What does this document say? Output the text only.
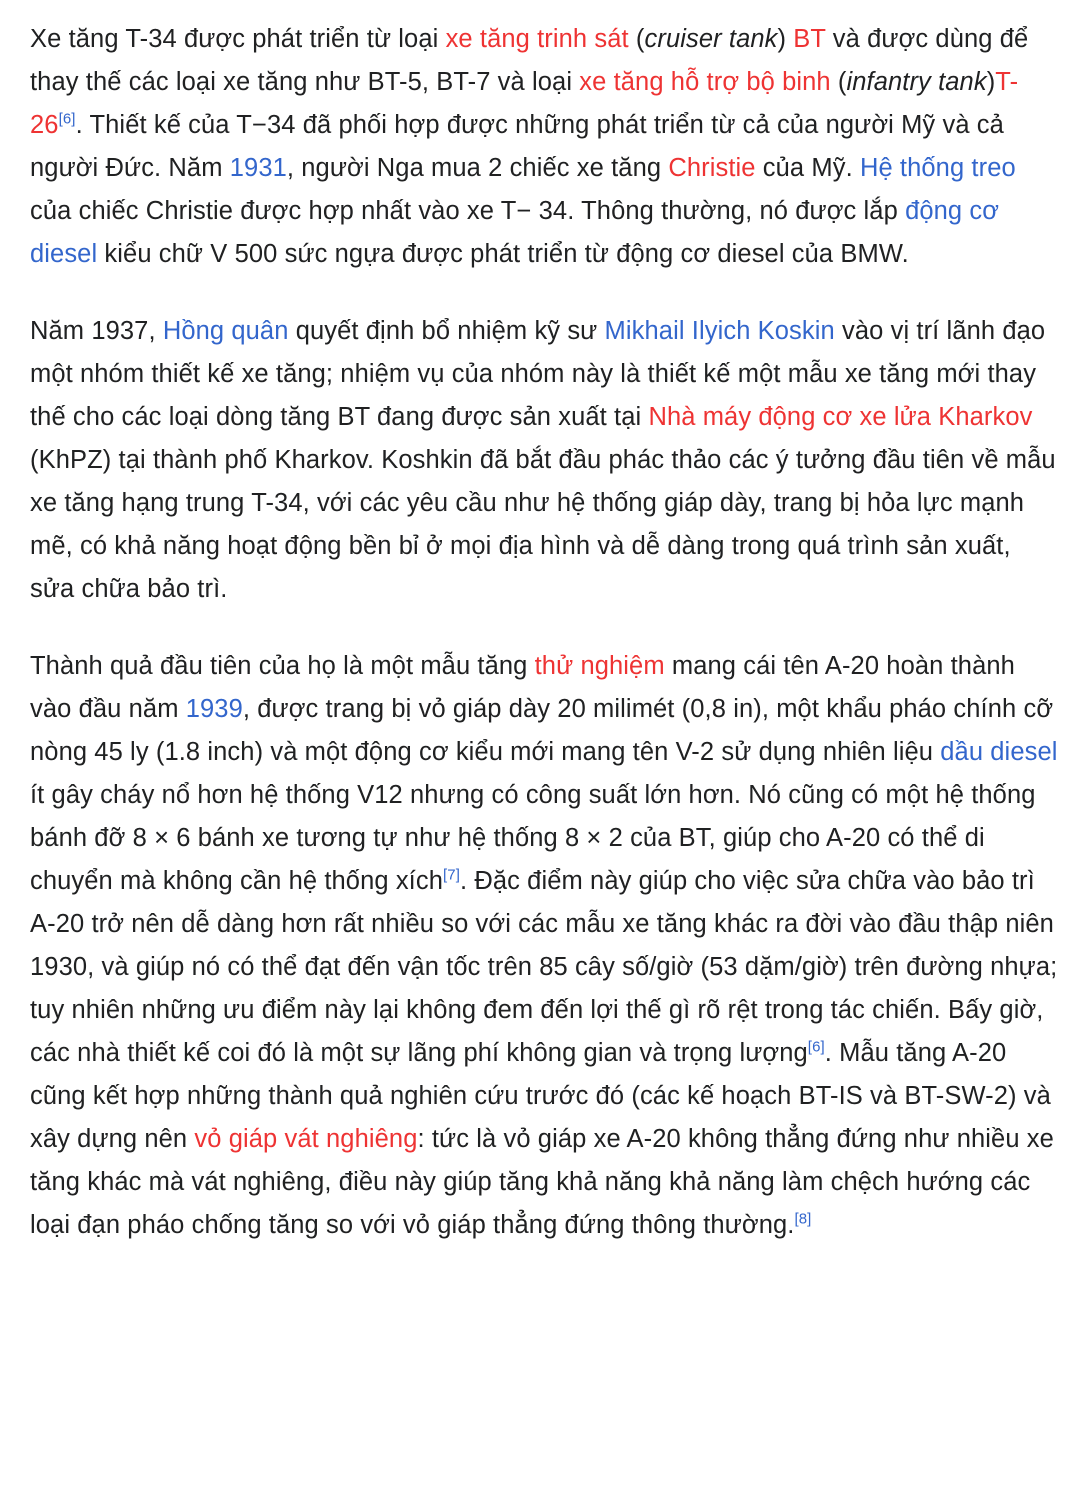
Xe tăng T-34 được phát triển từ loại xe tăng trinh sát (cruiser tank) BT và được dùng để thay thế các loại xe tăng như BT-5, BT-7 và loại xe tăng hỗ trợ bộ binh (infantry tank)T-26[6]. Thiết kế của T−34 đã phối hợp được những phát triển từ cả của người Mỹ và cả người Đức. Năm 1931, người Nga mua 2 chiếc xe tăng Christie của Mỹ. Hệ thống treo của chiếc Christie được hợp nhất vào xe T− 34. Thông thường, nó được lắp động cơ diesel kiểu chữ V 500 sức ngựa được phát triển từ động cơ diesel của BMW.

Năm 1937, Hồng quân quyết định bổ nhiệm kỹ sư Mikhail Ilyich Koskin vào vị trí lãnh đạo một nhóm thiết kế xe tăng; nhiệm vụ của nhóm này là thiết kế một mẫu xe tăng mới thay thế cho các loại dòng tăng BT đang được sản xuất tại Nhà máy động cơ xe lửa Kharkov (KhPZ) tại thành phố Kharkov. Koshkin đã bắt đầu phác thảo các ý tưởng đầu tiên về mẫu xe tăng hạng trung T-34, với các yêu cầu như hệ thống giáp dày, trang bị hỏa lực mạnh mẽ, có khả năng hoạt động bền bỉ ở mọi địa hình và dễ dàng trong quá trình sản xuất, sửa chữa bảo trì.

Thành quả đầu tiên của họ là một mẫu tăng thử nghiệm mang cái tên A-20 hoàn thành vào đầu năm 1939, được trang bị vỏ giáp dày 20 milimét (0,8 in), một khẩu pháo chính cỡ nòng 45 ly (1.8 inch) và một động cơ kiểu mới mang tên V-2 sử dụng nhiên liệu dầu diesel ít gây cháy nổ hơn hệ thống V12 nhưng có công suất lớn hơn. Nó cũng có một hệ thống bánh đỡ 8 × 6 bánh xe tương tự như hệ thống 8 × 2 của BT, giúp cho A-20 có thể di chuyển mà không cần hệ thống xích[7]. Đặc điểm này giúp cho việc sửa chữa vào bảo trì A-20 trở nên dễ dàng hơn rất nhiều so với các mẫu xe tăng khác ra đời vào đầu thập niên 1930, và giúp nó có thể đạt đến vận tốc trên 85 cây số/giờ (53 dặm/giờ) trên đường nhựa; tuy nhiên những ưu điểm này lại không đem đến lợi thế gì rõ rệt trong tác chiến. Bấy giờ, các nhà thiết kế coi đó là một sự lãng phí không gian và trọng lượng[6]. Mẫu tăng A-20 cũng kết hợp những thành quả nghiên cứu trước đó (các kế hoạch BT-IS và BT-SW-2) và xây dựng nên vỏ giáp vát nghiêng: tức là vỏ giáp xe A-20 không thẳng đứng như nhiều xe tăng khác mà vát nghiêng, điều này giúp tăng khả năng khả năng làm chệch hướng các loại đạn pháo chống tăng so với vỏ giáp thẳng đứng thông thường.[8]
